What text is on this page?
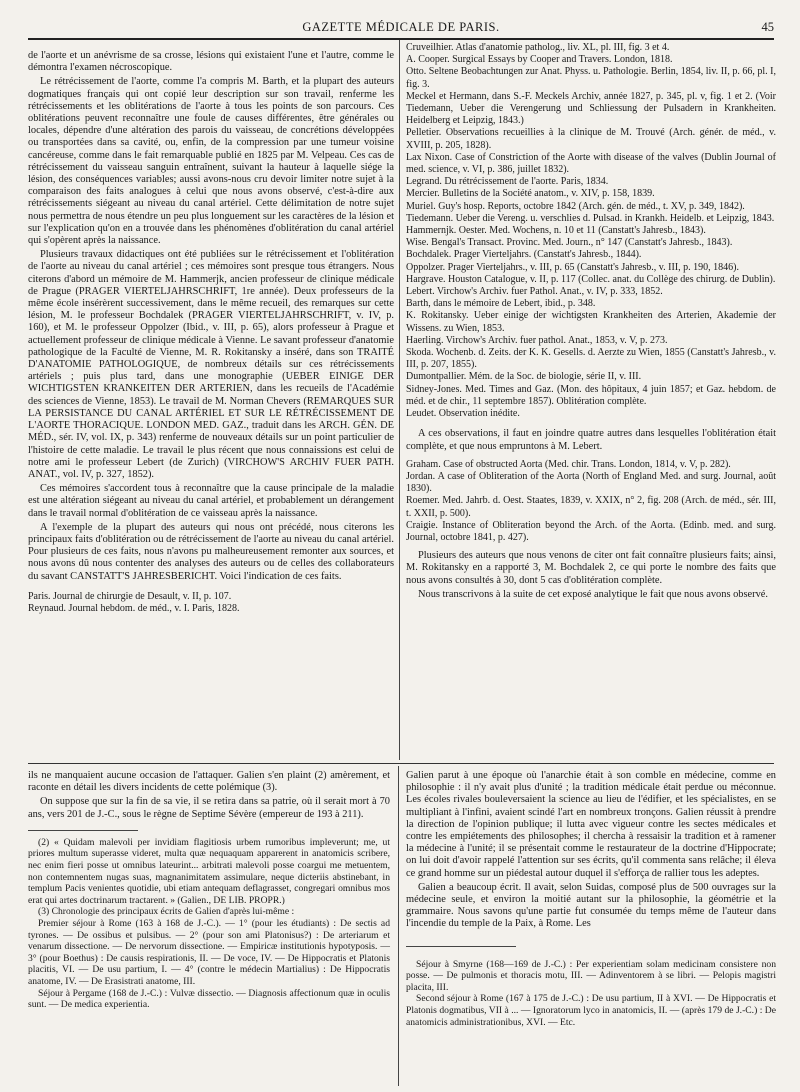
GAZETTE MÉDICALE DE PARIS.	45

de l'aorte et un anévrisme de sa crosse, lésions qui existaient l'une et l'autre, comme le démontra l'examen nécroscopique.

Le rétrécissement de l'aorte, comme l'a compris M. Barth, et la plupart des auteurs dogmatiques français qui ont copié leur description sur son travail, renferme les rétrécissements et les oblitérations de l'aorte à tous les points de son parcours. Ces oblitérations peuvent reconnaître une foule de causes différentes, être générales ou locales, dépendre d'une altération des parois du vaisseau, de concrétions développées ou transportées dans sa cavité, ou, enfin, de la compression par une tumeur voisine cancéreuse, comme dans le fait remarquable publié en 1825 par M. Velpeau. Ces cas de rétrécissement du vaisseau sanguin entraînent, suivant la hauteur à laquelle siége la lésion, des conséquences variables; aussi avons-nous cru devoir limiter notre sujet à la comparaison des faits analogues à celui que nous avons observé, c'est-à-dire aux rétrécissements siégeant au niveau du canal artériel. Cette délimitation de notre sujet nous permettra de nous étendre un peu plus longuement sur les caractères de la lésion et sur l'explication qu'on en a trouvée dans les phénomènes d'oblitération du canal artériel qui s'opèrent après la naissance.

Plusieurs travaux didactiques ont été publiées sur le rétrécissement et l'oblitération de l'aorte au niveau du canal artériel ; ces mémoires sont presque tous étrangers. Nous citerons d'abord un mémoire de M. Hammerjk, ancien professeur de clinique médicale de Prague (PRAGER VIERTELJAHRSCHRIFT, 1re année). Deux professeurs de la même école insérèrent successivement, dans le même recueil, des remarques sur cette lésion, M. le professeur Bochdalek (PRAGER VIERTELJAHRSCHRIFT, v. IV, p. 160), et M. le professeur Oppolzer (Ibid., v. III, p. 65), alors professeur à Prague et actuellement professeur de clinique médicale à Vienne. Le savant professeur d'anatomie pathologique de la Faculté de Vienne, M. R. Rokitansky a inséré, dans son TRAITÉ D'ANATOMIE PATHOLOGIQUE, de nombreux détails sur ces rétrécissements artériels ; puis plus tard, dans une monographie (UEBER EINIGE DER WICHTIGSTEN KRANKEITEN DER ARTERIEN, dans les recueils de l'Académie des sciences de Vienne, 1853). Le travail de M. Norman Chevers (REMARQUES SUR LA PERSISTANCE DU CANAL ARTÉRIEL ET SUR LE RÉTRÉCISSEMENT DE L'AORTE THORACIQUE. LONDON MED. GAZ., traduit dans les ARCH. GÉN. DE MÉD., sér. IV, vol. IX, p. 343) renferme de nouveaux détails sur un point particulier de l'histoire de cette maladie. Le travail le plus récent que nous connaissions est celui de notre ami le professeur Lebert (de Zurich) (VIRCHOW'S ARCHIV FUER PATH. ANAT., vol. IV, p. 327, 1852).

Ces mémoires s'accordent tous à reconnaître que la cause principale de la maladie est une altération siégeant au niveau du canal artériel, et probablement un dérangement dans le travail normal d'oblitération de ce vaisseau après la naissance.

A l'exemple de la plupart des auteurs qui nous ont précédé, nous citerons les principaux faits d'oblitération ou de rétrécissement de l'aorte au niveau du canal artériel. Pour plusieurs de ces faits, nous n'avons pu malheureusement remonter aux sources, et nous avons dû nous contenter des analyses des auteurs ou de celles des collaborateurs du savant CANSTATT'S JAHRESBERICHT. Voici l'indication de ces faits.

Paris. Journal de chirurgie de Desault, v. II, p. 107.

Reynaud. Journal hebdom. de méd., v. I. Paris, 1828.

Cruveilhier. Atlas d'anatomie patholog., liv. XL, pl. III, fig. 3 et 4.

A. Cooper. Surgical Essays by Cooper and Travers. London, 1818.

Otto. Seltene Beobachtungen zur Anat. Physs. u. Pathologie. Berlin, 1854, liv. II, p. 66, pl. I, fig. 3.

Meckel et Hermann, dans S.-F. Meckels Archiv, année 1827, p. 345, pl. v, fig. 1 et 2. (Voir Tiedemann, Ueber die Verengerung und Schliessung der Pulsadern in Krankheiten. Heidelberg et Leipzig, 1843.)

Pelletier. Observations recueillies à la clinique de M. Trouvé (Arch. génér. de méd., v. XVIII, p. 205, 1828).

Lax Nixon. Case of Constriction of the Aorte with disease of the valves (Dublin Journal of med. science, v. VI, p. 386, juillet 1832).

Legrand. Du rétrécissement de l'aorte. Paris, 1834.

Mercier. Bulletins de la Société anatom., v. XIV, p. 158, 1839.

Muriel. Guy's hosp. Reports, octobre 1842 (Arch. gén. de méd., t. XV, p. 349, 1842).

Tiedemann. Ueber die Vereng. u. verschlies d. Pulsad. in Krankh. Heidelb. et Leipzig, 1843.

Hammernjk. Oester. Med. Wochens, n. 10 et 11 (Canstatt's Jahresb., 1843).

Wise. Bengal's Transact. Provinc. Med. Journ., n° 147 (Canstatt's Jahresb., 1843).

Bochdalek. Prager Vierteljahrs. (Canstatt's Jahresb., 1844).

Oppolzer. Prager Vierteljahrs., v. III, p. 65 (Canstatt's Jahresb., v. III, p. 190, 1846).

Hargrave. Houston Catalogue, v. II, p. 117 (Collec. anat. du Collège des chirurg. de Dublin).

Lebert. Virchow's Archiv. fuer Pathol. Anat., v. IV, p. 333, 1852.

Barth, dans le mémoire de Lebert, ibid., p. 348.

K. Rokitansky. Ueber einige der wichtigsten Krankheiten des Arterien, Akademie der Wissens. zu Wien, 1853.

Haerling. Virchow's Archiv. fuer pathol. Anat., 1853, v. V, p. 273.

Skoda. Wochenb. d. Zeits. der K. K. Gesells. d. Aerzte zu Wien, 1855 (Canstatt's Jahresb., v. III, p. 207, 1855).

Dumontpallier. Mém. de la Soc. de biologie, série II, v. III.

Sidney-Jones. Med. Times and Gaz. (Mon. des hôpitaux, 4 juin 1857; et Gaz. hebdom. de méd. et de chir., 11 septembre 1857). Oblitération complète.

Leudet. Observation inédite.

A ces observations, il faut en joindre quatre autres dans lesquelles l'oblitération était complète, et que nous empruntons à M. Lebert.

Graham. Case of obstructed Aorta (Med. chir. Trans. London, 1814, v. V, p. 282).

Jordan. A case of Obliteration of the Aorta (North of England Med. and surg. Journal, août 1830).

Roemer. Med. Jahrb. d. Oest. Staates, 1839, v. XXIX, n° 2, fig. 208 (Arch. de méd., sér. III, t. XXII, p. 500).

Craigie. Instance of Obliteration beyond the Arch. of the Aorta. (Edinb. med. and surg. Journal, octobre 1841, p. 427).

Plusieurs des auteurs que nous venons de citer ont fait connaître plusieurs faits; ainsi, M. Rokitansky en a rapporté 3, M. Bochdalek 2, ce qui porte le nombre des faits que nous avons consultés à 30, dont 5 cas d'oblitération complète.

Nous transcrivons à la suite de cet exposé analytique le fait que nous avons observé.

ils ne manquaient aucune occasion de l'attaquer. Galien s'en plaint (2) amèrement, et raconte en détail les divers incidents de cette polémique (3).

On suppose que sur la fin de sa vie, il se retira dans sa patrie, où il serait mort à 70 ans, vers 201 de J.-C., sous le règne de Septime Sévère (empereur de 193 à 211).

(2) « Quidam malevoli per invidiam flagitiosis urbem rumoribus impleverunt; me, ut priores multum superasse videret, multa quæ nequaquam apparerent in anatomicis scribere, nec enim fieri posse ut omnibus lateurint... arbitrati malevoli posse coargui me metuentem, non contemnentem nugas suas, magnanimitatem assimulare, neque dicteriis abstinebant, in templum Pacis venientes quotidie, ubi etiam antequam deflagrasset, congregari omnibus mos erat qui artes doctrinarum tractarent. » (Galien., DE LIB. PROPR.)

(3) Chronologie des principaux écrits de Galien d'après lui-même :

Premier séjour à Rome (163 à 168 de J.-C.). — 1° (pour les étudiants) : De sectis ad tyrones. — De ossibus et pulsibus. — 2° (pour son ami Platonisus?) : De arteriarum et venarum dissectione. — De nervorum dissectione. — Empiricæ institutionis hypotyposis. — 3° (pour Boethus) : De causis respirationis, II. — De voce, IV. — De Hippocratis et Platonis placitis, VI. — De usu partium, I. — 4° (contre le médecin Martialius) : De Hippocratis anatome, IV. — De Erasistrati anatome, III.

Séjour à Pergame (168 de J.-C.) : Vulvæ dissectio. — Diagnosis affectionum quæ in oculis sunt. — De medica experientia.

Galien parut à une époque où l'anarchie était à son comble en médecine, comme en philosophie : il n'y avait plus d'unité ; la tradition médicale était perdue ou méconnue. Les écoles rivales bouleversaient la science au lieu de l'édifier, et les spécialistes, en se multipliant à l'infini, avaient scindé l'art en nombreux tronçons. Galien réussit à prendre la direction de l'opinion publique; il lutta avec vigueur contre les sectes médicales et contre les empiétements des philosophes; il chercha à ressaisir la tradition et à ramener la médecine à l'unité; il se présentait comme le restaurateur de la doctrine d'Hippocrate; on lui doit d'avoir rappelé l'attention sur ses écrits, qu'il commenta sans relâche; il éleva ce grand homme sur un piédestal autour duquel il s'efforça de rallier tous les adeptes.

Galien a beaucoup écrit. Il avait, selon Suidas, composé plus de 500 ouvrages sur la médecine seule, et environ la moitié autant sur la philosophie, la géométrie et la grammaire. Nous savons qu'une partie fut consumée du temps même de l'auteur dans l'incendie du temple de la Paix, à Rome. Les

Séjour à Smyrne (168—169 de J.-C.) : Per experientiam solam medicinam consistere non posse. — De pulmonis et thoracis motu, III. — Adinventorem à se libri. — Pelopis magistri placita, III.

Second séjour à Rome (167 à 175 de J.-C.) : De usu partium, II à XVI. — De Hippocratis et Platonis dogmatibus, VII à ... — Ignoratorum lyco in anatomicis, II. — (après 179 de J.-C.) : De anatomicis administrationibus, XVI. — Etc.
